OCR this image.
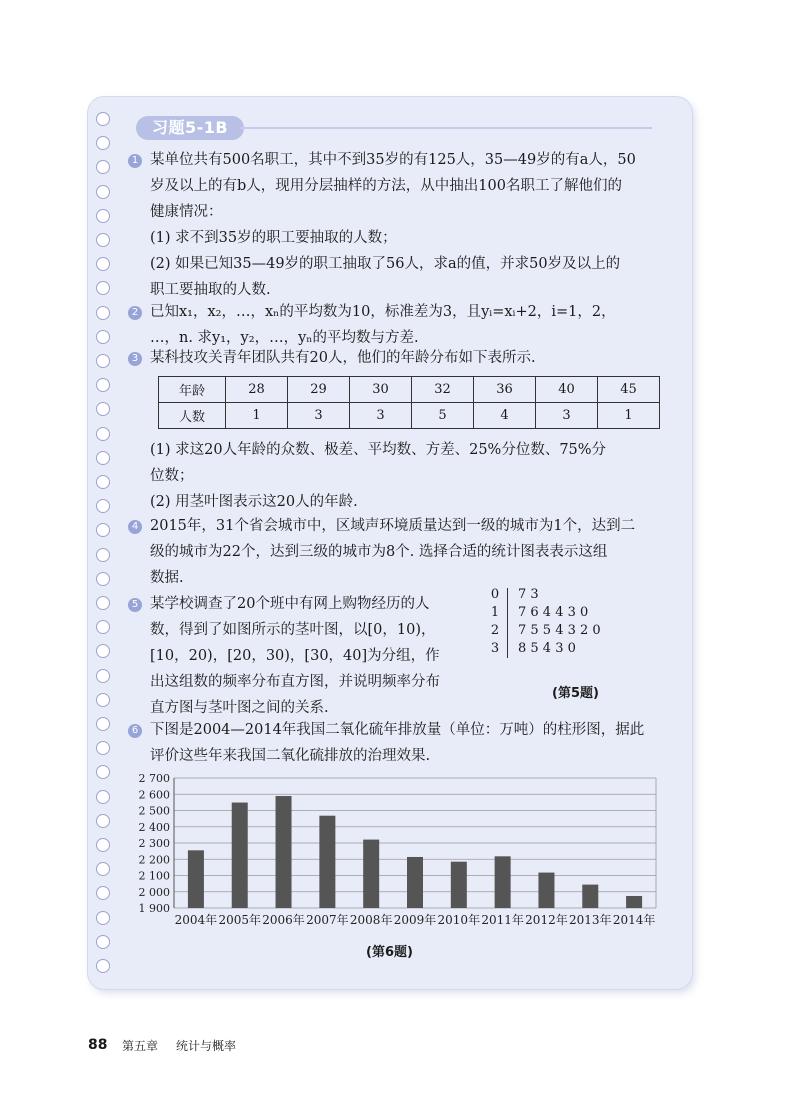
习题5-1B
1 某单位共有500名职工，其中不到35岁的有125人，35—49岁的有a人，50
岁及以上的有b人，现用分层抽样的方法，从中抽出100名职工了解他们的
健康情况：
(1) 求不到35岁的职工要抽取的人数；
(2) 如果已知35—49岁的职工抽取了56人，求a的值，并求50岁及以上的
职工要抽取的人数.
2 已知x₁，x₂，…，xₙ的平均数为10，标准差为3，且yᵢ=xᵢ+2，i=1，2，
…，n. 求y₁，y₂，…，yₙ的平均数与方差.
3 某科技攻关青年团队共有20人，他们的年龄分布如下表所示.
年龄	28	29	30	32	36	40	45
人数	1	3	3	5	4	3	1
(1) 求这20人年龄的众数、极差、平均数、方差、25%分位数、75%分
位数；
(2) 用茎叶图表示这20人的年龄.
4 2015年，31个省会城市中，区域声环境质量达到一级的城市为1个，达到二
级的城市为22个，达到三级的城市为8个. 选择合适的统计图表表示这组
数据.
5 某学校调查了20个班中有网上购物经历的人
数，得到了如图所示的茎叶图，以[0，10)，
[10，20)，[20，30)，[30，40]为分组，作
出这组数的频率分布直方图，并说明频率分布
直方图与茎叶图之间的关系.
0 7 3
1 7 6 4 4 3 0
2 7 5 5 4 3 2 0
3 8 5 4 3 0
(第5题)
6 下图是2004—2014年我国二氧化硫年排放量（单位：万吨）的柱形图，据此
评价这些年来我国二氧化硫排放的治理效果.
1 900
2 000
2 100
2 200
2 300
2 400
2 500
2 600
2 700
2004年 2005年 2006年 2007年 2008年 2009年 2010年 2011年 2012年 2013年 2014年
(第6题)
88 第五章 统计与概率
